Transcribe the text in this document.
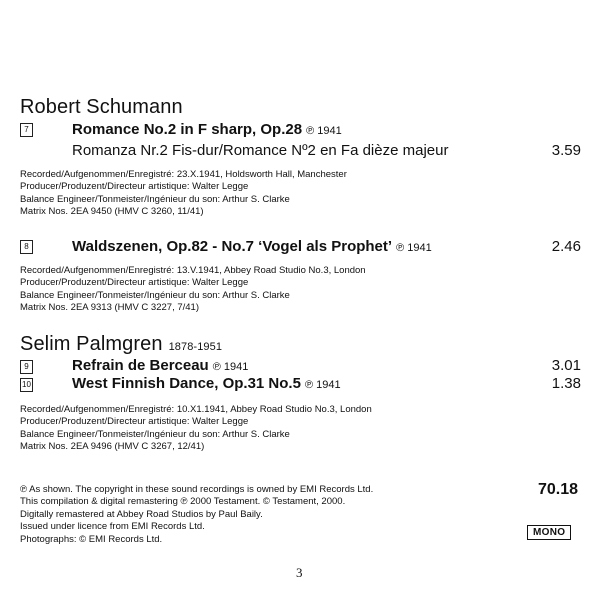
Robert Schumann
7	Romance No.2 in F sharp, Op.28 ℗ 1941
Romanza Nr.2 Fis-dur/Romance Nº2 en Fa dièze majeur	3.59
Recorded/Aufgenommen/Enregistré: 23.X.1941, Holdsworth Hall, Manchester
Producer/Produzent/Directeur artistique: Walter Legge
Balance Engineer/Tonmeister/Ingénieur du son: Arthur S. Clarke
Matrix Nos. 2EA 9450 (HMV C 3260, 11/41)
8	Waldszenen, Op.82 - No.7 ‘Vogel als Prophet’ ℗ 1941	2.46
Recorded/Aufgenommen/Enregistré: 13.V.1941, Abbey Road Studio No.3, London
Producer/Produzent/Directeur artistique: Walter Legge
Balance Engineer/Tonmeister/Ingénieur du son: Arthur S. Clarke
Matrix Nos. 2EA 9313 (HMV C 3227, 7/41)
Selim Palmgren 1878-1951
9	Refrain de Berceau ℗ 1941	3.01
10	West Finnish Dance, Op.31 No.5 ℗ 1941	1.38
Recorded/Aufgenommen/Enregistré: 10.X1.1941, Abbey Road Studio No.3, London
Producer/Produzent/Directeur artistique: Walter Legge
Balance Engineer/Tonmeister/Ingénieur du son: Arthur S. Clarke
Matrix Nos. 2EA 9496 (HMV C 3267, 12/41)
℗ As shown. The copyright in these sound recordings is owned by EMI Records Ltd.
This compilation & digital remastering ℗ 2000 Testament. © Testament, 2000.
Digitally remastered at Abbey Road Studios by Paul Baily.
Issued under licence from EMI Records Ltd.
Photographs: © EMI Records Ltd.
70.18
MONO
3
